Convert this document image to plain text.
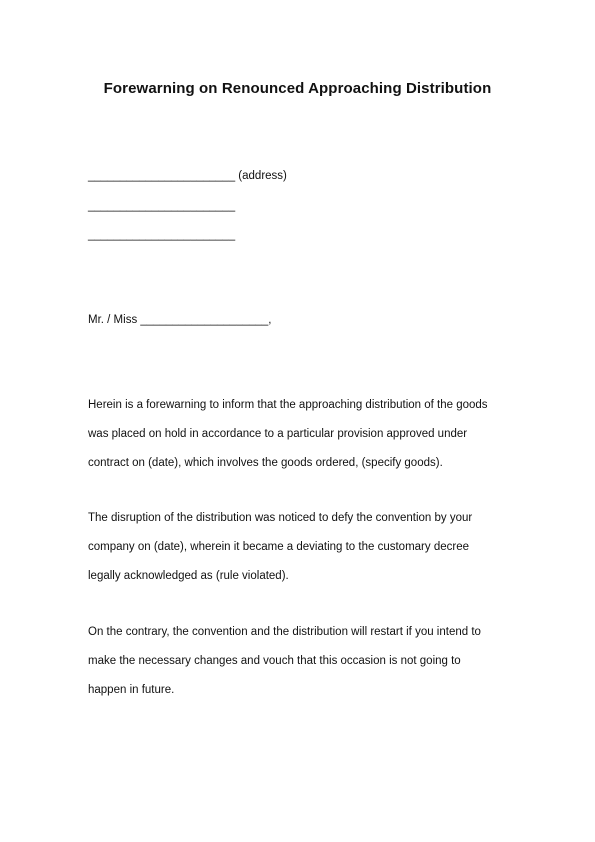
Forewarning on Renounced Approaching Distribution
_______________________ (address)
_______________________
_______________________
Mr. / Miss ____________________,
Herein is a forewarning to inform that the approaching distribution of the goods
was placed on hold in accordance to a particular provision approved under
contract on (date), which involves the goods ordered, (specify goods).
The disruption of the distribution was noticed to defy the convention by your
company on (date), wherein it became a deviating to the customary decree
legally acknowledged as (rule violated).
On the contrary, the convention and the distribution will restart if you intend to
make the necessary changes and vouch that this occasion is not going to
happen in future.
